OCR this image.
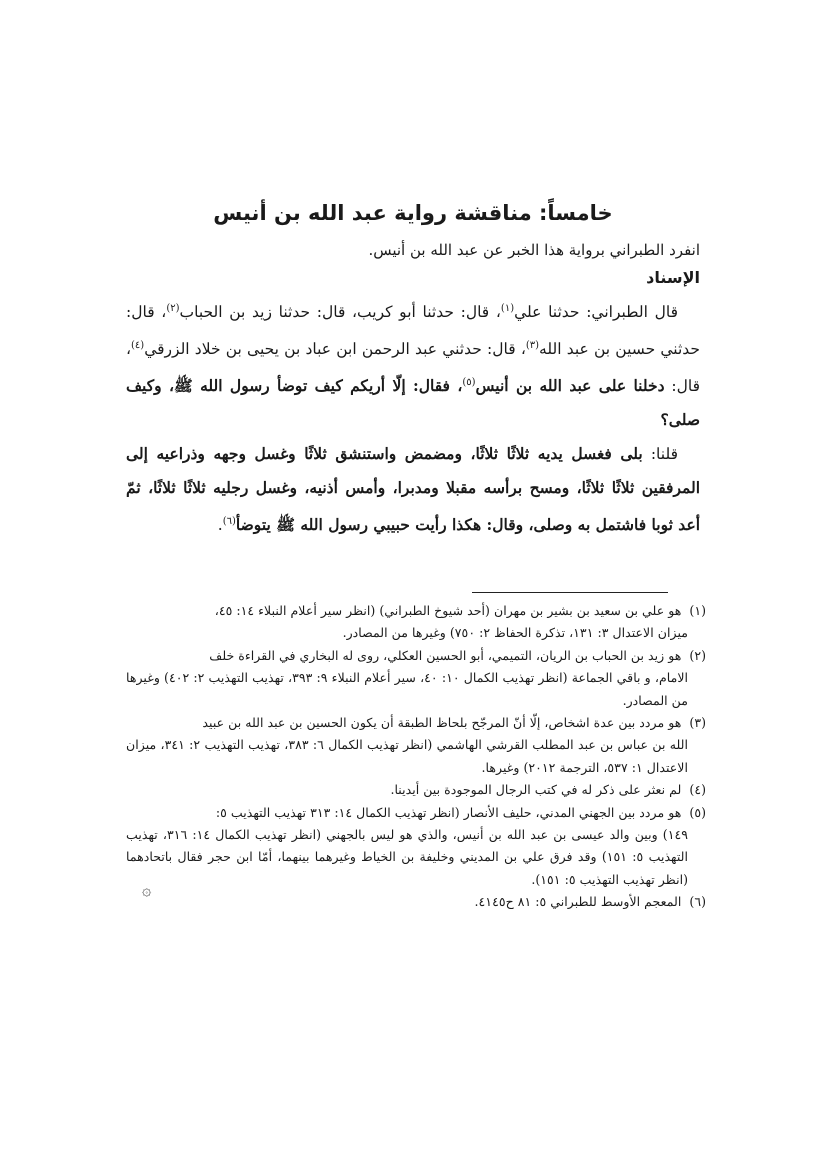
خامساً: مناقشة رواية عبد الله بن أنيس

انفرد الطبراني برواية هذا الخبر عن عبد الله بن أنيس.

الإسناد

قال الطبراني: حدثنا علي$^{(١)}$، قال: حدثنا أبو كريب، قال: حدثنا زيد بن الحباب$^{(٢)}$، قال: حدثني حسين بن عبد الله$^{(٣)}$، قال: حدثني عبد الرحمن ابن عباد بن يحيى بن خلاد الزرقي$^{(٤)}$، قال: دخلنا على عبد الله بن أنيس$^{(٥)}$، فقال: إلّا أريكم كيف توضأ رسول الله ﷺ، وكيف صلى؟

قلنا: بلى فغسل يديه ثلاثًا ثلاثًا، ومضمض واستنشق ثلاثًا وغسل وجهه وذراعيه إلى المرفقين ثلاثًا ثلاثًا، ومسح برأسه مقبلا ومدبرا، وأمس أذنيه، وغسل رجليه ثلاثًا ثلاثًا، ثمّ أعد ثوبا فاشتمل به وصلى، وقال: هكذا رأيت حبيبي رسول الله ﷺ يتوضأ$^{(٦)}$.

(١) هو علي بن سعيد بن بشير بن مهران (أحد شيوخ الطبراني) (انظر سير أعلام النبلاء ١٤: ٤٥،
ميزان الاعتدال ٣: ١٣١، تذكرة الحفاظ ٢: ٧٥٠) وغيرها من المصادر.

(٢) هو زيد بن الحباب بن الريان، التميمي، أبو الحسين العكلي، روى له البخاري في القراءة خلف
الامام، و باقي الجماعة (انظر تهذيب الكمال ١٠: ٤٠، سير أعلام النبلاء ٩: ٣٩٣، تهذيب التهذيب ٢: ٤٠٢) وغيرها من المصادر.

(٣) هو مردد بين عدة اشخاص، إلّا أنّ المرجّح بلحاظ الطبقة أن يكون الحسين بن عبد الله بن عبيد
الله بن عباس بن عبد المطلب القرشي الهاشمي (انظر تهذيب الكمال ٦: ٣٨٣، تهذيب التهذيب ٢: ٣٤١، ميزان الاعتدال ١: ٥٣٧، الترجمة ٢٠١٢) وغيرها.

(٤) لم نعثر على ذكر له في كتب الرجال الموجودة بين أيدينا.

(٥) هو مردد بين الجهني المدني، حليف الأنصار (انظر تهذيب الكمال ١٤: ٣١٣ تهذيب التهذيب ٥:
١٤٩) وبين والد عيسى بن عبد الله بن أنيس، والذي هو ليس بالجهني (انظر تهذيب الكمال ١٤: ٣١٦، تهذيب التهذيب ٥: ١٥١) وقد فرق علي بن المديني وخليفة بن الخياط وغيرهما بينهما، أمّا ابن حجر فقال باتحادهما (انظر تهذيب التهذيب ٥: ١٥١).

(٦) المعجم الأوسط للطبراني ٥: ٨١ ح٤١٤٥.

۞
